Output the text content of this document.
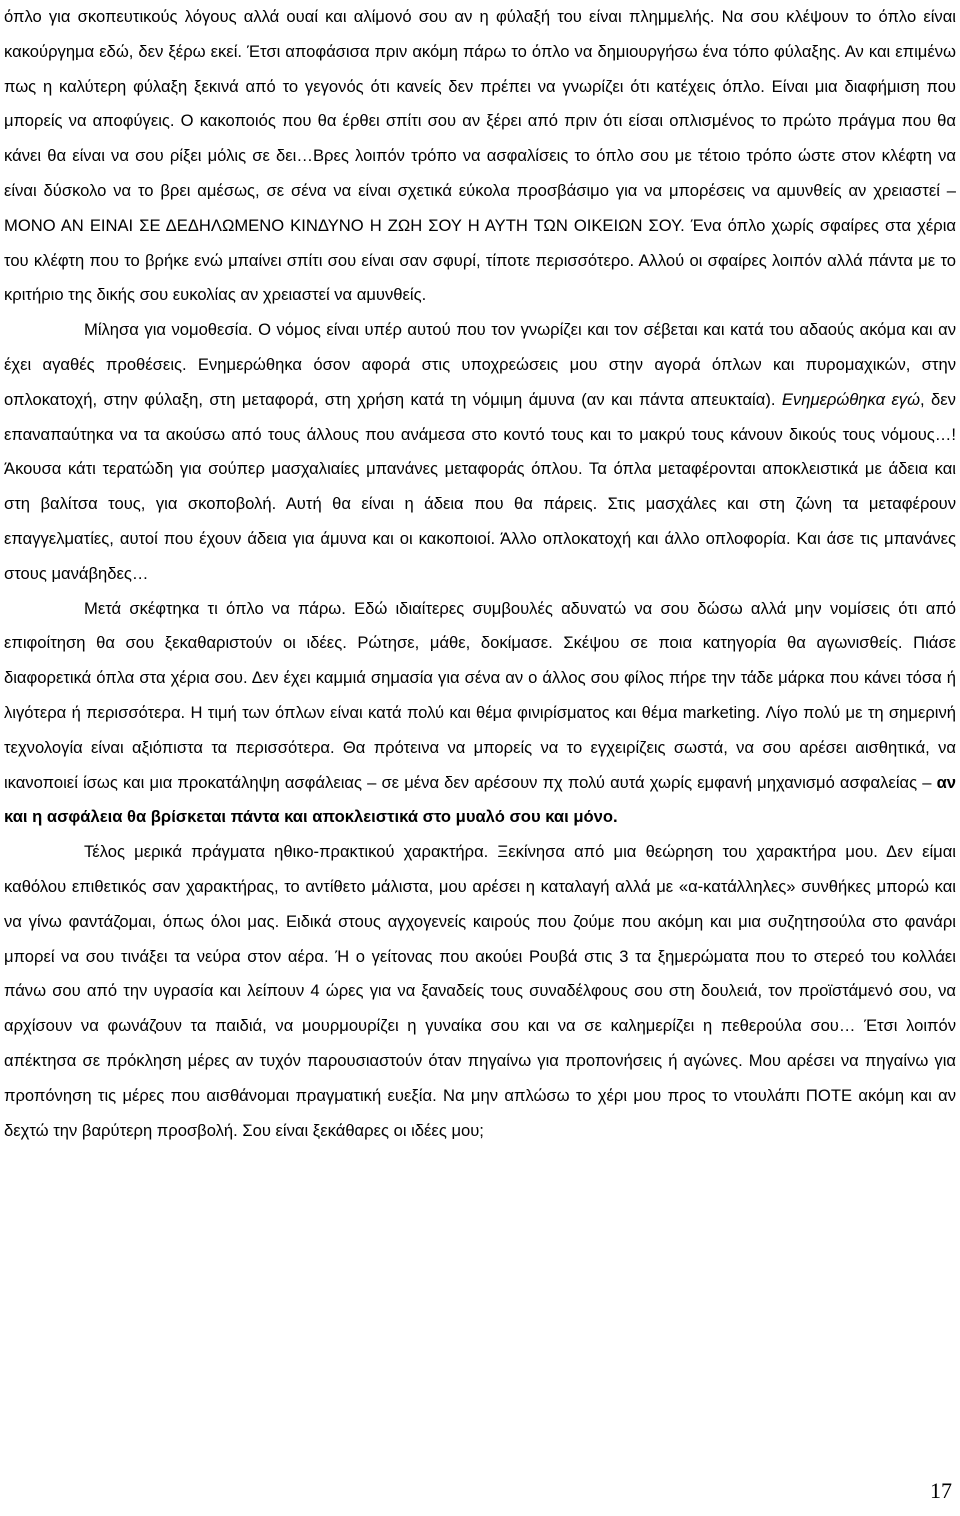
όπλο για σκοπευτικούς λόγους αλλά ουαί και αλίμονό σου αν η φύλαξή του είναι πλημμελής. Να σου κλέψουν το όπλο είναι κακούργημα εδώ, δεν ξέρω εκεί. Έτσι αποφάσισα πριν ακόμη πάρω το όπλο να δημιουργήσω ένα τόπο φύλαξης. Αν και επιμένω πως η καλύτερη φύλαξη ξεκινά από το γεγονός ότι κανείς δεν πρέπει να γνωρίζει ότι κατέχεις όπλο. Είναι μια διαφήμιση που μπορείς να αποφύγεις. Ο κακοποιός που θα έρθει σπίτι σου αν ξέρει από πριν ότι είσαι οπλισμένος το πρώτο πράγμα που θα κάνει θα είναι να σου ρίξει μόλις σε δει…Βρες λοιπόν τρόπο να ασφαλίσεις το όπλο σου με τέτοιο τρόπο ώστε στον κλέφτη να είναι δύσκολο να το βρει αμέσως, σε σένα να είναι σχετικά εύκολα προσβάσιμο για να μπορέσεις να αμυνθείς αν χρειαστεί – ΜΟΝΟ ΑΝ ΕΙΝΑΙ ΣΕ ΔΕΔΗΛΩΜΕΝΟ ΚΙΝΔΥΝΟ Η ΖΩΗ ΣΟΥ Η ΑΥΤΗ ΤΩΝ ΟΙΚΕΙΩΝ ΣΟΥ. Ένα όπλο χωρίς σφαίρες στα χέρια του κλέφτη που το βρήκε ενώ μπαίνει σπίτι σου είναι σαν σφυρί, τίποτε περισσότερο. Αλλού οι σφαίρες λοιπόν αλλά πάντα με το κριτήριο της δικής σου ευκολίας αν χρειαστεί να αμυνθείς.

Μίλησα για νομοθεσία. Ο νόμος είναι υπέρ αυτού που τον γνωρίζει και τον σέβεται και κατά του αδαούς ακόμα και αν έχει αγαθές προθέσεις. Ενημερώθηκα όσον αφορά στις υποχρεώσεις μου στην αγορά όπλων και πυρομαχικών, στην οπλοκατοχή, στην φύλαξη, στη μεταφορά, στη χρήση κατά τη νόμιμη άμυνα (αν και πάντα απευκταία). Ενημερώθηκα εγώ, δεν επαναπαύτηκα να τα ακούσω από τους άλλους που ανάμεσα στο κοντό τους και το μακρύ τους κάνουν δικούς τους νόμους…! Άκουσα κάτι τερατώδη για σούπερ μασχαλιαίες μπανάνες μεταφοράς όπλου. Τα όπλα μεταφέρονται αποκλειστικά με άδεια και στη βαλίτσα τους, για σκοποβολή. Αυτή θα είναι η άδεια που θα πάρεις. Στις μασχάλες και στη ζώνη τα μεταφέρουν επαγγελματίες, αυτοί που έχουν άδεια για άμυνα και οι κακοποιοί. Άλλο οπλοκατοχή και άλλο οπλοφορία. Και άσε τις μπανάνες στους μανάβηδες…

Μετά σκέφτηκα τι όπλο να πάρω. Εδώ ιδιαίτερες συμβουλές αδυνατώ να σου δώσω αλλά μην νομίσεις ότι από επιφοίτηση θα σου ξεκαθαριστούν οι ιδέες. Ρώτησε, μάθε, δοκίμασε. Σκέψου σε ποια κατηγορία θα αγωνισθείς. Πιάσε διαφορετικά όπλα στα χέρια σου. Δεν έχει καμμιά σημασία για σένα αν ο άλλος σου φίλος πήρε την τάδε μάρκα που κάνει τόσα ή λιγότερα ή περισσότερα. Η τιμή των όπλων είναι κατά πολύ και θέμα φινιρίσματος και θέμα marketing. Λίγο πολύ με τη σημερινή τεχνολογία είναι αξιόπιστα τα περισσότερα. Θα πρότεινα να μπορείς να το εγχειρίζεις σωστά, να σου αρέσει αισθητικά, να ικανοποιεί ίσως και μια προκατάληψη ασφάλειας – σε μένα δεν αρέσουν πχ πολύ αυτά χωρίς εμφανή μηχανισμό ασφαλείας – αν και η ασφάλεια θα βρίσκεται πάντα και αποκλειστικά στο μυαλό σου και μόνο.

Τέλος μερικά πράγματα ηθικο-πρακτικού χαρακτήρα. Ξεκίνησα από μια θεώρηση του χαρακτήρα μου. Δεν είμαι καθόλου επιθετικός σαν χαρακτήρας, το αντίθετο μάλιστα, μου αρέσει η καταλαγή αλλά με «α-κατάλληλες» συνθήκες μπορώ και να γίνω φαντάζομαι, όπως όλοι μας. Ειδικά στους αγχογενείς καιρούς που ζούμε που ακόμη και μια συζητησούλα στο φανάρι μπορεί να σου τινάξει τα νεύρα στον αέρα. Ή ο γείτονας που ακούει Ρουβά στις 3 τα ξημερώματα που το στερεό του κολλάει πάνω σου από την υγρασία και λείπουν 4 ώρες για να ξαναδείς τους συναδέλφους σου στη δουλειά, τον προϊστάμενό σου, να αρχίσουν να φωνάζουν τα παιδιά, να μουρμουρίζει η γυναίκα σου και να σε καλημερίζει η πεθερούλα σου… Έτσι λοιπόν απέκτησα σε πρόκληση μέρες αν τυχόν παρουσιαστούν όταν πηγαίνω για προπονήσεις ή αγώνες. Μου αρέσει να πηγαίνω για προπόνηση τις μέρες που αισθάνομαι πραγματική ευεξία. Να μην απλώσω το χέρι μου προς το ντουλάπι ΠΟΤΕ ακόμη και αν δεχτώ την βαρύτερη προσβολή. Σου είναι ξεκάθαρες οι ιδέες μου;

17
